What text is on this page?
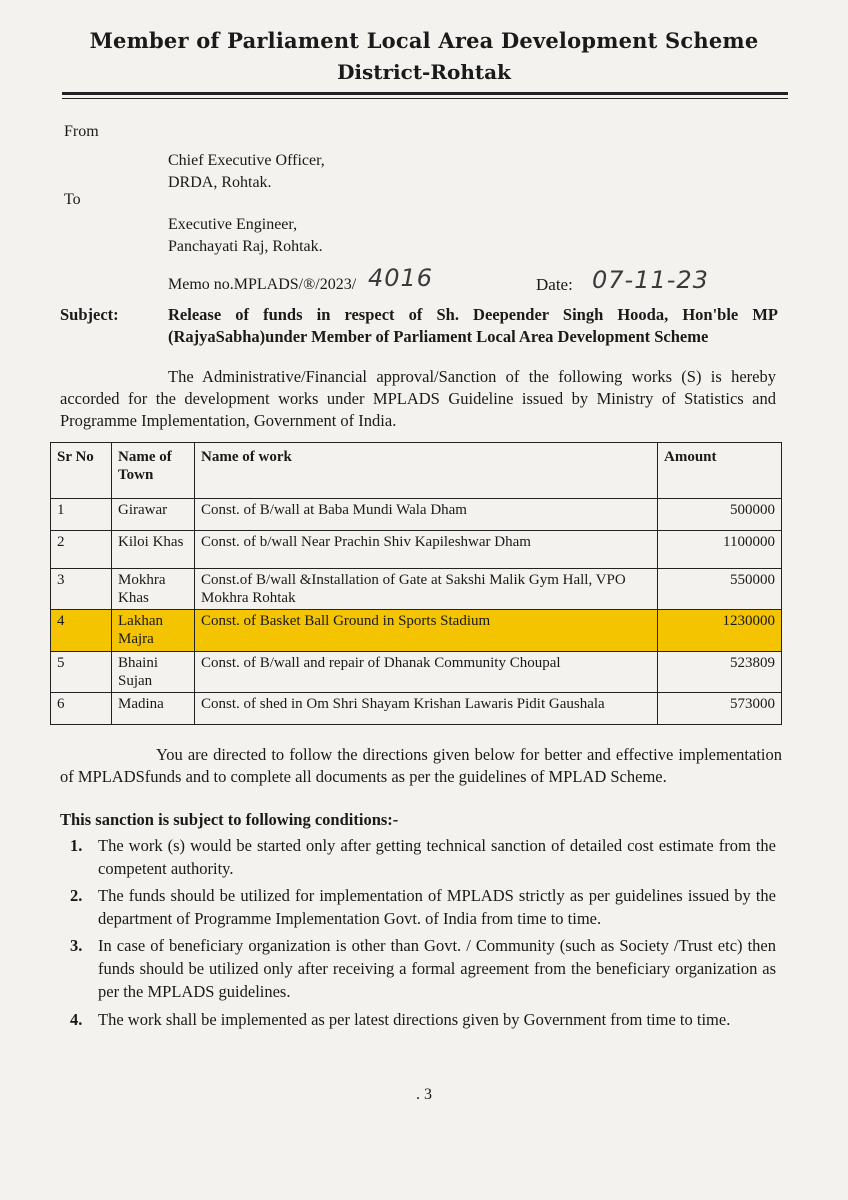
Member of Parliament Local Area Development Scheme
District-Rohtak
From
Chief Executive Officer,
DRDA, Rohtak.
To
Executive Engineer,
Panchayati Raj, Rohtak.
Memo no.MPLADS/®/2023/ 4016	Date: 07-11-23
Subject:	Release of funds in respect of Sh. Deepender Singh Hooda, Hon'ble MP
(RajyaSabha)under Member of Parliament Local Area Development Scheme
The Administrative/Financial approval/Sanction of the following works (S) is hereby accorded for the development works under MPLADS Guideline issued by Ministry of Statistics and Programme Implementation, Government of India.
Sr No	Name of Town	Name of work	Amount
1	Girawar	Const. of B/wall at Baba Mundi Wala Dham	500000
2	Kiloi Khas	Const. of b/wall Near Prachin Shiv Kapileshwar Dham	1100000
3	Mokhra Khas	Const.of B/wall &Installation of Gate at Sakshi Malik Gym Hall, VPO Mokhra Rohtak	550000
4	Lakhan Majra	Const. of Basket Ball Ground in Sports Stadium	1230000
5	Bhaini Sujan	Const. of B/wall and repair of Dhanak Community Choupal	523809
6	Madina	Const. of shed in Om Shri Shayam Krishan Lawaris Pidit Gaushala	573000
You are directed to follow the directions given below for better and effective implementation of MPLADSfunds and to complete all documents as per the guidelines of MPLAD Scheme.
This sanction is subject to following conditions:-
1. The work (s) would be started only after getting technical sanction of detailed cost estimate from the competent authority.
2. The funds should be utilized for implementation of MPLADS strictly as per guidelines issued by the department of Programme Implementation Govt. of India from time to time.
3. In case of beneficiary organization is other than Govt. / Community (such as Society /Trust etc) then funds should be utilized only after receiving a formal agreement from the beneficiary organization as per the MPLADS guidelines.
4. The work shall be implemented as per latest directions given by Government from time to time.
. 3
